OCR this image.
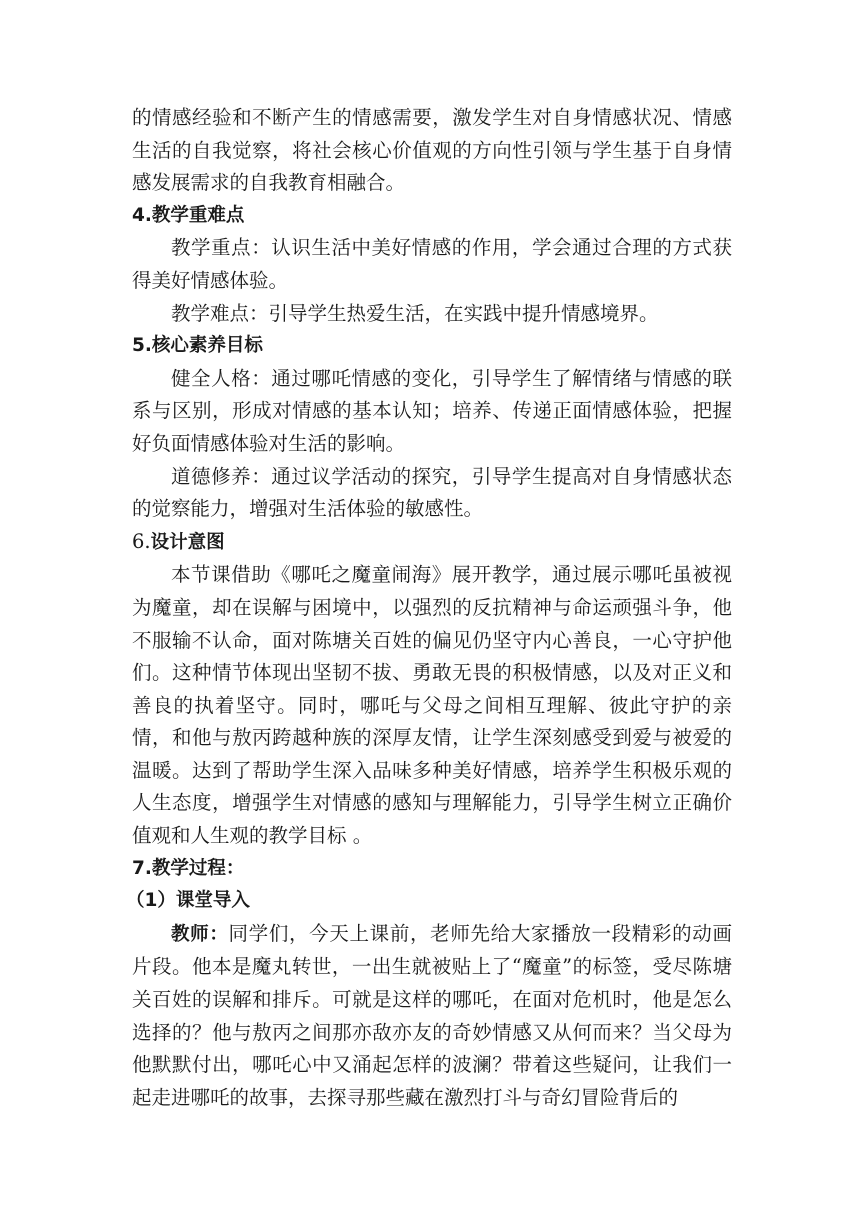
的情感经验和不断产生的情感需要，激发学生对自身情感状况、情感生活的自我觉察，将社会核心价值观的方向性引领与学生基于自身情感发展需求的自我教育相融合。

4.教学重难点

教学重点：认识生活中美好情感的作用，学会通过合理的方式获得美好情感体验。

教学难点：引导学生热爱生活，在实践中提升情感境界。

5.核心素养目标

健全人格：通过哪吒情感的变化，引导学生了解情绪与情感的联系与区别，形成对情感的基本认知；培养、传递正面情感体验，把握好负面情感体验对生活的影响。

道德修养：通过议学活动的探究，引导学生提高对自身情感状态的觉察能力，增强对生活体验的敏感性。

6.设计意图

本节课借助《哪吒之魔童闹海》展开教学，通过展示哪吒虽被视为魔童，却在误解与困境中，以强烈的反抗精神与命运顽强斗争，他不服输不认命，面对陈塘关百姓的偏见仍坚守内心善良，一心守护他们。这种情节体现出坚韧不拔、勇敢无畏的积极情感，以及对正义和善良的执着坚守。同时，哪吒与父母之间相互理解、彼此守护的亲情，和他与敖丙跨越种族的深厚友情，让学生深刻感受到爱与被爱的温暖。达到了帮助学生深入品味多种美好情感，培养学生积极乐观的人生态度，增强学生对情感的感知与理解能力，引导学生树立正确价值观和人生观的教学目标 。

7.教学过程：

（1）课堂导入

教师：同学们，今天上课前，老师先给大家播放一段精彩的动画片段。他本是魔丸转世，一出生就被贴上了“魔童”的标签，受尽陈塘关百姓的误解和排斥。可就是这样的哪吒，在面对危机时，他是怎么选择的？他与敖丙之间那亦敌亦友的奇妙情感又从何而来？当父母为他默默付出，哪吒心中又涌起怎样的波澜？带着这些疑问，让我们一起走进哪吒的故事，去探寻那些藏在激烈打斗与奇幻冒险背后的
